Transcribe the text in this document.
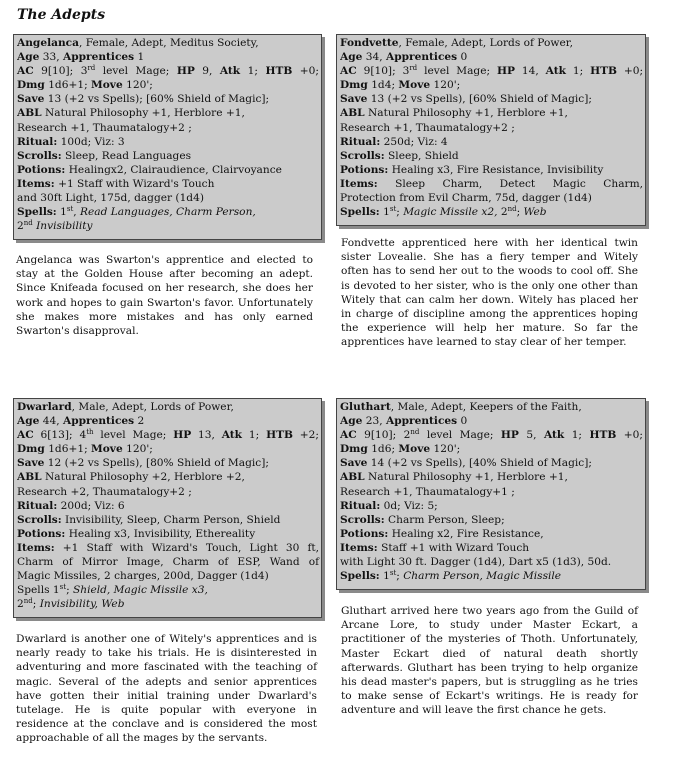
The Adepts
Angelanca, Female, Adept, Meditus Society,
Age 33, Apprentices 1
AC 9[10]; 3rd level Mage; HP 9, Atk 1; HTB +0;
Dmg 1d6+1; Move 120';
Save 13 (+2 vs Spells); [60% Shield of Magic];
ABL Natural Philosophy +1, Herblore +1,
Research +1, Thaumatalogy+2 ;
Ritual: 100d; Viz: 3
Scrolls: Sleep, Read Languages
Potions: Healingx2, Clairaudience, Clairvoyance
Items: +1 Staff with Wizard's Touch
and 30ft Light, 175d, dagger (1d4)
Spells: 1st, Read Languages, Charm Person,
2nd Invisibility
Angelanca was Swarton's apprentice and elected to stay at the Golden House after becoming an adept. Since Knifeada focused on her research, she does her work and hopes to gain Swarton's favor. Unfortunately she makes more mistakes and has only earned Swarton's disapproval.
Fondvette, Female, Adept, Lords of Power,
Age 34, Apprentices 0
AC 9[10]; 3rd level Mage; HP 14, Atk 1; HTB +0;
Dmg 1d4; Move 120';
Save 13 (+2 vs Spells), [60% Shield of Magic];
ABL Natural Philosophy +1, Herblore +1,
Research +1, Thaumatalogy+2 ;
Ritual: 250d; Viz: 4
Scrolls: Sleep, Shield
Potions: Healing x3, Fire Resistance, Invisibility
Items: Sleep Charm, Detect Magic Charm,
Protection from Evil Charm, 75d, dagger (1d4)
Spells: 1st; Magic Missile x2, 2nd; Web
Fondvette apprenticed here with her identical twin sister Lovealie. She has a fiery temper and Witely often has to send her out to the woods to cool off. She is devoted to her sister, who is the only one other than Witely that can calm her down. Witely has placed her in charge of discipline among the apprentices hoping the experience will help her mature. So far the apprentices have learned to stay clear of her temper.
Dwarlard, Male, Adept, Lords of Power,
Age 44, Apprentices 2
AC 6[13]; 4th level Mage; HP 13, Atk 1; HTB +2;
Dmg 1d6+1; Move 120';
Save 12 (+2 vs Spells), [80% Shield of Magic];
ABL Natural Philosophy +2, Herblore +2,
Research +2, Thaumatalogy+2 ;
Ritual: 200d; Viz: 6
Scrolls: Invisibility, Sleep, Charm Person, Shield
Potions: Healing x3, Invisibility, Ethereality
Items: +1 Staff with Wizard's Touch, Light 30 ft,
Charm of Mirror Image, Charm of ESP, Wand of
Magic Missiles, 2 charges, 200d, Dagger (1d4)
Spells 1st; Shield, Magic Missile x3,
2nd; Invisibility, Web
Dwarlard is another one of Witely's apprentices and is nearly ready to take his trials. He is disinterested in adventuring and more fascinated with the teaching of magic. Several of the adepts and senior apprentices have gotten their initial training under Dwarlard's tutelage. He is quite popular with everyone in residence at the conclave and is considered the most approachable of all the mages by the servants.
Gluthart, Male, Adept, Keepers of the Faith,
Age 23, Apprentices 0
AC 9[10]; 2nd level Mage; HP 5, Atk 1; HTB +0;
Dmg 1d6; Move 120';
Save 14 (+2 vs Spells), [40% Shield of Magic];
ABL Natural Philosophy +1, Herblore +1,
Research +1, Thaumatalogy+1 ;
Ritual: 0d; Viz: 5;
Scrolls: Charm Person, Sleep;
Potions: Healing x2, Fire Resistance,
Items: Staff +1 with Wizard Touch
with Light 30 ft. Dagger (1d4), Dart x5 (1d3), 50d.
Spells: 1st; Charm Person, Magic Missile
Gluthart arrived here two years ago from the Guild of Arcane Lore, to study under Master Eckart, a practitioner of the mysteries of Thoth. Unfortunately, Master Eckart died of natural death shortly afterwards. Gluthart has been trying to help organize his dead master's papers, but is struggling as he tries to make sense of Eckart's writings. He is ready for adventure and will leave the first chance he gets.
